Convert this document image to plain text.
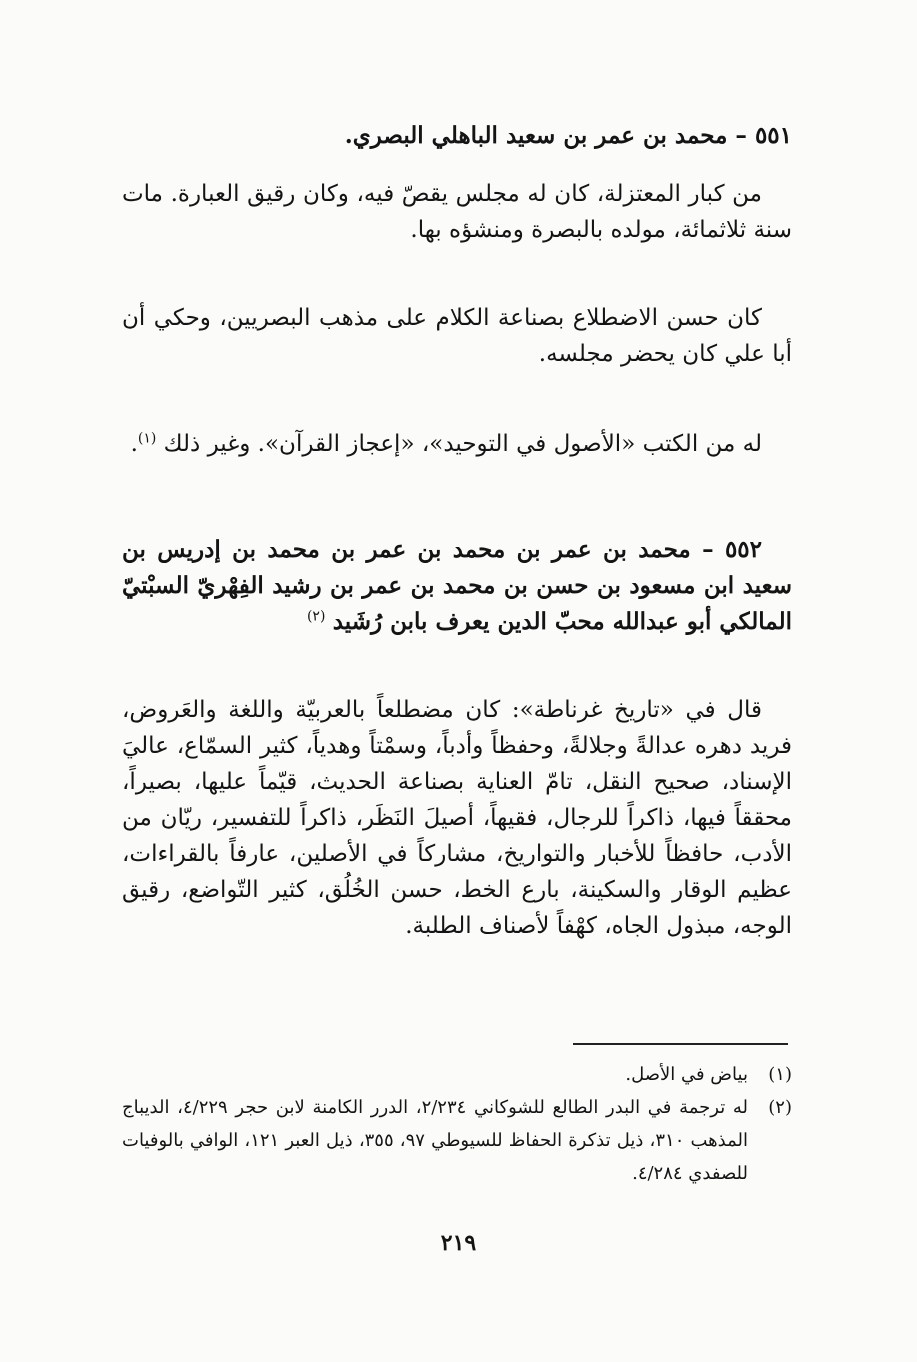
٥٥١ – محمد بن عمر بن سعيد الباهلي البصري.

من كبار المعتزلة، كان له مجلس يقصّ فيه، وكان رقيق العبارة. مات سنة ثلاثمائة، مولده بالبصرة ومنشؤه بها.

كان حسن الاضطلاع بصناعة الكلام على مذهب البصريين، وحكي أن أبا علي كان يحضر مجلسه.

له من الكتب «الأصول في التوحيد»، «إعجاز القرآن». وغير ذلك $^{(١)}$.

٥٥٢ – محمد بن عمر بن محمد بن عمر بن محمد بن إدريس بن سعيد ابن مسعود بن حسن بن محمد بن عمر بن رشيد الفِهْريّ السبْتيّ المالكي أبو عبدالله محبّ الدين يعرف بابن رُشَيد $^{(٢)}$

قال في «تاريخ غرناطة»: كان مضطلعاً بالعربيّة واللغة والعَروض، فريد دهره عدالةً وجلالةً، وحفظاً وأدباً، وسمْتاً وهدياً، كثير السمّاع، عاليَ الإسناد، صحيح النقل، تامّ العناية بصناعة الحديث، قيّماً عليها، بصيراً، محققاً فيها، ذاكراً للرجال، فقيهاً، أصيلَ النَظَر، ذاكراً للتفسير، ريّان من الأدب، حافظاً للأخبار والتواريخ، مشاركاً في الأصلين، عارفاً بالقراءات، عظيم الوقار والسكينة، بارع الخط، حسن الخُلُق، كثير التّواضع، رقيق الوجه، مبذول الجاه، كهْفاً لأصناف الطلبة.

(١)
بياض في الأصل.

(٢)
له ترجمة في البدر الطالع للشوكاني ٢/٢٣٤، الدرر الكامنة لابن حجر ٤/٢٢٩، الديباج المذهب ٣١٠، ذيل تذكرة الحفاظ للسيوطي ٩٧، ٣٥٥، ذيل العبر ١٢١، الوافي بالوفيات للصفدي ٤/٢٨٤.

٢١٩
